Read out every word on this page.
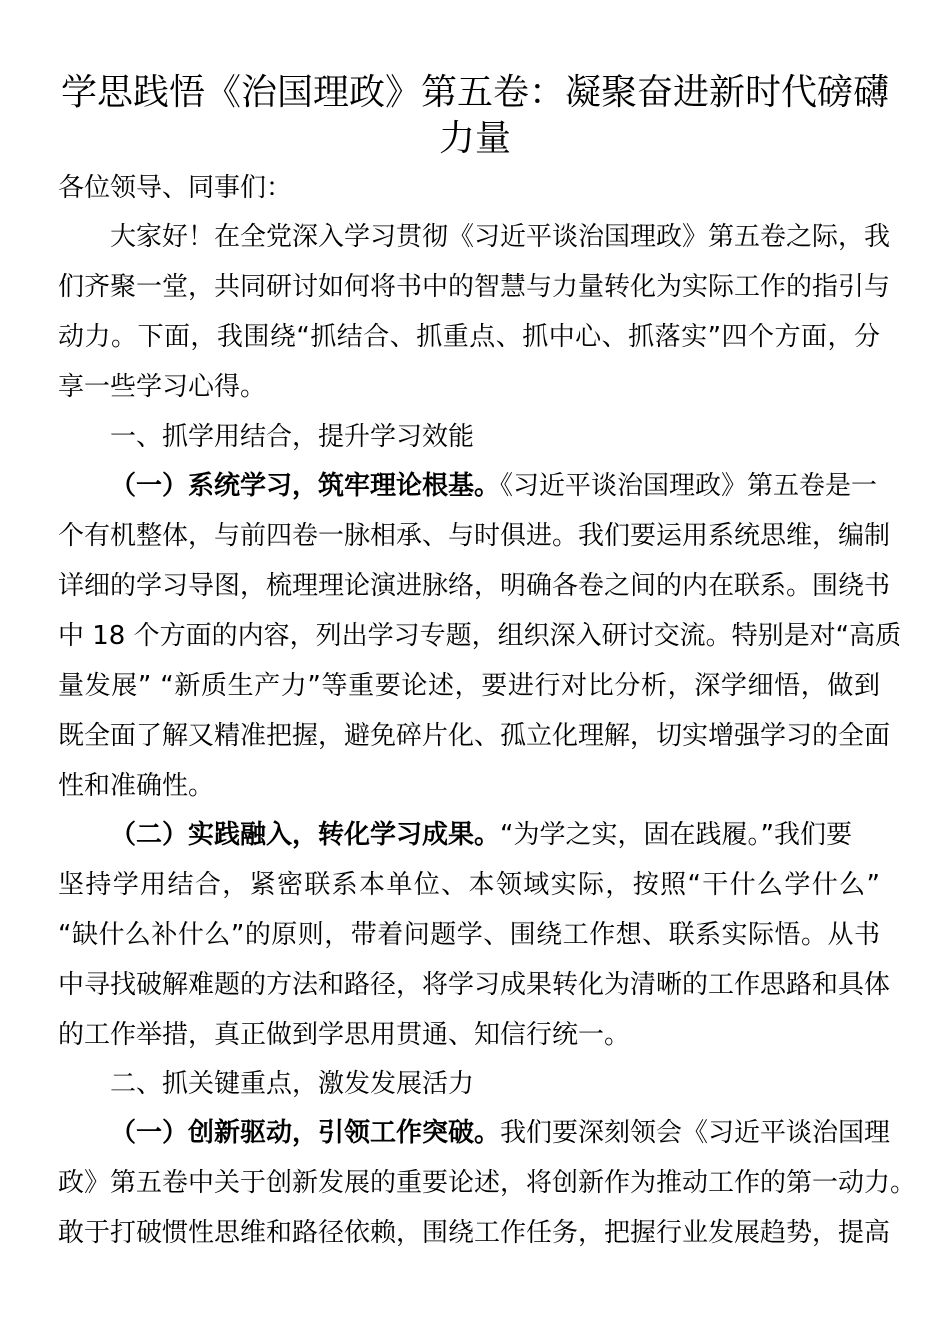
学思践悟《治国理政》第五卷：凝聚奋进新时代磅礴
力量
各位领导、同事们：
大家好！在全党深入学习贯彻《习近平谈治国理政》第五卷之际，我
们齐聚一堂，共同研讨如何将书中的智慧与力量转化为实际工作的指引与
动力。下面，我围绕“抓结合、抓重点、抓中心、抓落实”四个方面，分
享一些学习心得。
一、抓学用结合，提升学习效能
（一）系统学习，筑牢理论根基。《习近平谈治国理政》第五卷是一
个有机整体，与前四卷一脉相承、与时俱进。我们要运用系统思维，编制
详细的学习导图，梳理理论演进脉络，明确各卷之间的内在联系。围绕书
中 18 个方面的内容，列出学习专题，组织深入研讨交流。特别是对“高质
量发展” “新质生产力”等重要论述，要进行对比分析，深学细悟，做到
既全面了解又精准把握，避免碎片化、孤立化理解，切实增强学习的全面
性和准确性。
（二）实践融入，转化学习成果。“为学之实，固在践履。”我们要
坚持学用结合，紧密联系本单位、本领域实际，按照“干什么学什么”
“缺什么补什么”的原则，带着问题学、围绕工作想、联系实际悟。从书
中寻找破解难题的方法和路径，将学习成果转化为清晰的工作思路和具体
的工作举措，真正做到学思用贯通、知信行统一。
二、抓关键重点，激发发展活力
（一）创新驱动，引领工作突破。我们要深刻领会《习近平谈治国理
政》第五卷中关于创新发展的重要论述，将创新作为推动工作的第一动力。
敢于打破惯性思维和路径依赖，围绕工作任务，把握行业发展趋势，提高
